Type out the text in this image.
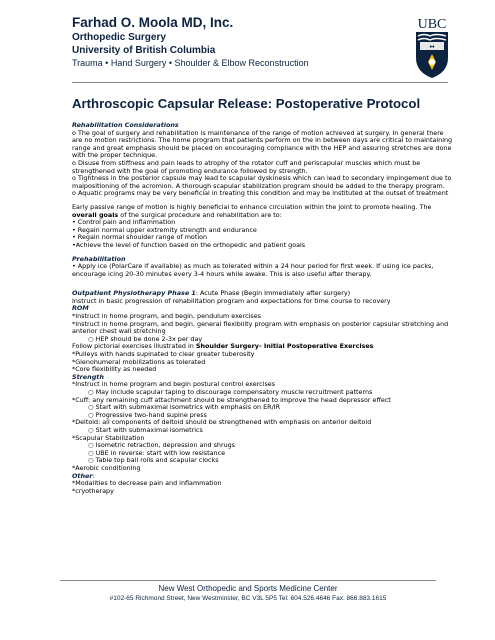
Farhad O. Moola MD, Inc.
Orthopedic Surgery
University of British Columbia
Trauma • Hand Surgery • Shoulder & Elbow Reconstruction
UBC
♦♦
Arthroscopic Capsular Release: Postoperative Protocol

Rehabilitation Considerations

o The goal of surgery and rehabilitation is maintenance of the range of motion achieved at surgery. In general there are no motion restrictions. The home program that patients perform on the in between days are critical to maintaining range and great emphasis should be placed on encouraging compliance with the HEP and assuring stretches are done with the proper technique.

o Disuse from stiffness and pain leads to atrophy of the rotator cuff and periscapular muscles which must be strengthened with the goal of promoting endurance followed by strength.

o Tightness in the posterior capsule may lead to scapular dyskinesis which can lead to secondary impingement due to malpositioning of the acromion. A thorough scapular stabilization program should be added to the therapy program.

o Aquatic programs may be very beneficial in treating this condition and may be instituted at the outset of treatment

Early passive range of motion is highly beneficial to enhance circulation within the joint to promote healing. The overall goals of the surgical procedure and rehabilitation are to:

• Control pain and inflammation

• Regain normal upper extremity strength and endurance

• Regain normal shoulder range of motion

•Achieve the level of function based on the orthopedic and patient goals

Prehabilitation

• Apply ice (PolarCare if available) as much as tolerated within a 24 hour period for first week. If using ice packs, encourage icing 20-30 minutes every 3-4 hours while awake. This is also useful after therapy.

Outpatient Physiotherapy Phase 1: Acute Phase (Begin Immediately after surgery)

Instruct in basic progression of rehabilitation program and expectations for time course to recovery

ROM

*Instruct in home program, and begin, pendulum exercises

*Instruct in home program, and begin, general flexibility program with emphasis on posterior capsular stretching and anterior chest wall stretching

○ HEP should be done 2-3x per day

Follow pictorial exercises illustrated in Shoulder Surgery- Initial Postoperative Exercises

*Pulleys with hands supinated to clear greater tuberosity

*Glenohumeral mobilizations as tolerated

*Core flexibility as needed

Strength

*Instruct in home program and begin postural control exercises

○ May include scapular taping to discourage compensatory muscle recruitment patterns

*Cuff: any remaining cuff attachment should be strengthened to improve the head depressor effect

○ Start with submaximal isometrics with emphasis on ER/IR

○ Progressive two-hand supine press

*Deltoid: all components of deltoid should be strengthened with emphasis on anterior deltoid

○ Start with submaximal isometrics

*Scapular Stabilization

○ Isometric retraction, depression and shrugs

○ UBE in reverse: start with low resistance

○ Table top ball rolls and scapular clocks

*Aerobic conditioning

Other:

*Modalities to decrease pain and inflammation

*cryotherapy

New West Orthopedic and Sports Medicine Center
#102-65 Richmond Street, New Westminster, BC V3L 5P5 Tel: 604.526.4646 Fax: 866.883.1615
